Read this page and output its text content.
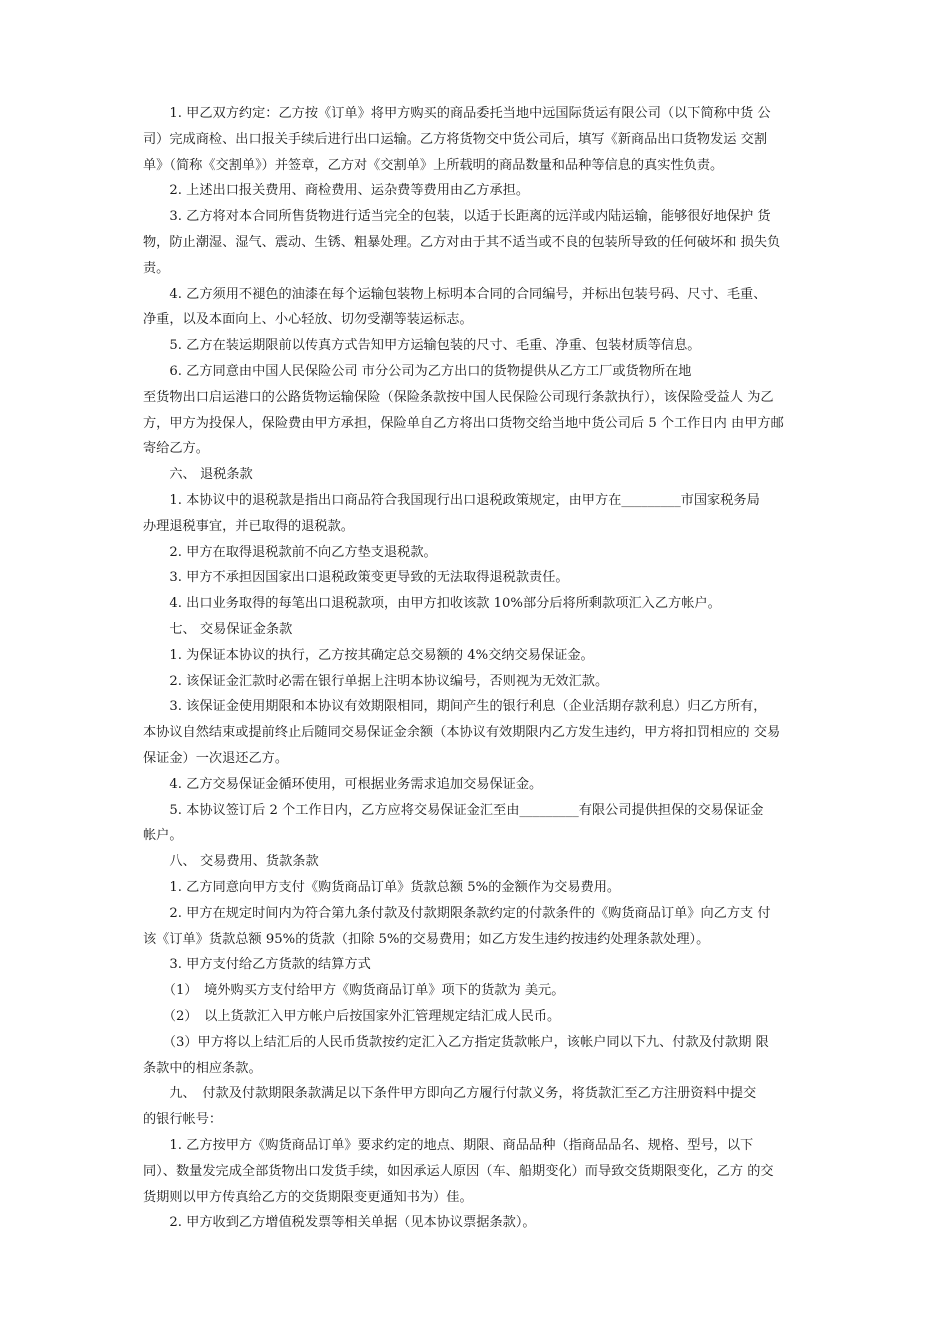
　　1. 甲乙双方约定：乙方按《订单》将甲方购买的商品委托当地中远国际货运有限公司（以下简称中货 公
司）完成商检、出口报关手续后进行出口运输。乙方将货物交中货公司后，填写《新商品出口货物发运 交割
单》（简称《交割单》）并签章，乙方对《交割单》上所载明的商品数量和品种等信息的真实性负责。
　　2. 上述出口报关费用、商检费用、运杂费等费用由乙方承担。
　　3. 乙方将对本合同所售货物进行适当完全的包装，以适于长距离的远洋或内陆运输，能够很好地保护 货
物，防止潮湿、湿气、震动、生锈、粗暴处理。乙方对由于其不适当或不良的包装所导致的任何破坏和 损失负
责。
　　4. 乙方须用不褪色的油漆在每个运输包装物上标明本合同的合同编号，并标出包装号码、尺寸、毛重、
净重，以及本面向上、小心轻放、切勿受潮等装运标志。
　　5. 乙方在装运期限前以传真方式告知甲方运输包装的尺寸、毛重、净重、包装材质等信息。
　　6. 乙方同意由中国人民保险公司 市分公司为乙方出口的货物提供从乙方工厂或货物所在地
至货物出口启运港口的公路货物运输保险（保险条款按中国人民保险公司现行条款执行），该保险受益人 为乙
方，甲方为投保人，保险费由甲方承担，保险单自乙方将出口货物交给当地中货公司后 5 个工作日内 由甲方邮
寄给乙方。
　　六、 退税条款
　　1. 本协议中的退税款是指出口商品符合我国现行出口退税政策规定，由甲方在_________市国家税务局
办理退税事宜，并已取得的退税款。
　　2. 甲方在取得退税款前不向乙方垫支退税款。
　　3. 甲方不承担因国家出口退税政策变更导致的无法取得退税款责任。
　　4. 出口业务取得的每笔出口退税款项，由甲方扣收该款 10%部分后将所剩款项汇入乙方帐户。
　　七、 交易保证金条款
　　1. 为保证本协议的执行，乙方按其确定总交易额的 4%交纳交易保证金。
　　2. 该保证金汇款时必需在银行单据上注明本协议编号，否则视为无效汇款。
　　3. 该保证金使用期限和本协议有效期限相同，期间产生的银行利息（企业活期存款利息）归乙方所有，
本协议自然结束或提前终止后随同交易保证金余额（本协议有效期限内乙方发生违约，甲方将扣罚相应的 交易
保证金）一次退还乙方。
　　4. 乙方交易保证金循环使用，可根据业务需求追加交易保证金。
　　5. 本协议签订后 2 个工作日内，乙方应将交易保证金汇至由_________有限公司提供担保的交易保证金
帐户。
　　八、 交易费用、货款条款
　　1. 乙方同意向甲方支付《购货商品订单》货款总额 5%的金额作为交易费用。
　　2. 甲方在规定时间内为符合第九条付款及付款期限条款约定的付款条件的《购货商品订单》向乙方支 付
该《订单》货款总额 95%的货款（扣除 5%的交易费用；如乙方发生违约按违约处理条款处理）。
　　3. 甲方支付给乙方货款的结算方式
　　（1）　境外购买方支付给甲方《购货商品订单》项下的货款为 美元。
　　（2）　以上货款汇入甲方帐户后按国家外汇管理规定结汇成人民币。
　　（3）甲方将以上结汇后的人民币货款按约定汇入乙方指定货款帐户，该帐户同以下九、付款及付款期 限
条款中的相应条款。
　　九、　付款及付款期限条款满足以下条件甲方即向乙方履行付款义务，将货款汇至乙方注册资料中提交
的银行帐号：
　　1. 乙方按甲方《购货商品订单》要求约定的地点、期限、商品品种（指商品品名、规格、型号，以下
同）、数量发完成全部货物出口发货手续，如因承运人原因（车、船期变化）而导致交货期限变化，乙方 的交
货期则以甲方传真给乙方的交货期限变更通知书为）佳。
　　2. 甲方收到乙方增值税发票等相关单据（见本协议票据条款）。
